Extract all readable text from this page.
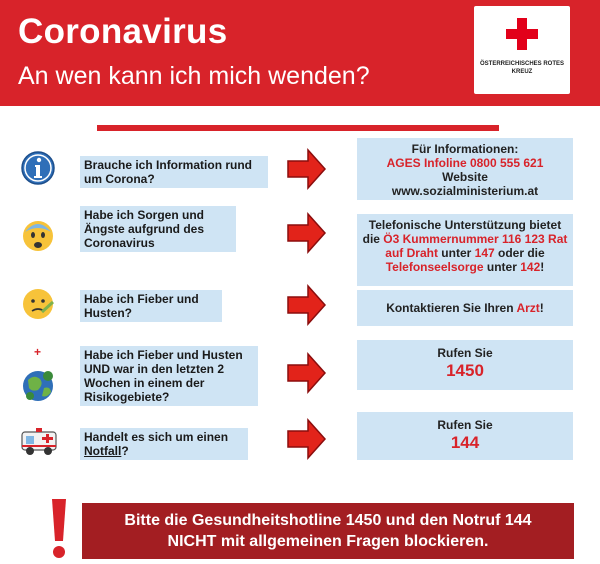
Coronavirus
An wen kann ich mich wenden?	ÖSTERREICHISCHES ROTES KREUZ
Brauche ich Information rund um Corona?
Für Informationen:
AGES Infoline 0800 555 621
Website
www.sozialministerium.at
Habe ich Sorgen und Ängste aufgrund des Coronavirus
Telefonische Unterstützung bietet die Ö3 Kummernummer 116 123 Rat auf Draht unter 147 oder die Telefonseelsorge unter 142!
Habe ich Fieber und Husten?	Kontaktieren Sie Ihren Arzt!
+	Habe ich Fieber und Husten UND war in den letzten 2 Wochen in einem der Risikogebiete?
Rufen Sie
1450
Handelt es sich um einen Notfall?
Rufen Sie
144
Bitte die Gesundheitshotline 1450 und den Notruf 144
NICHT mit allgemeinen Fragen blockieren.
